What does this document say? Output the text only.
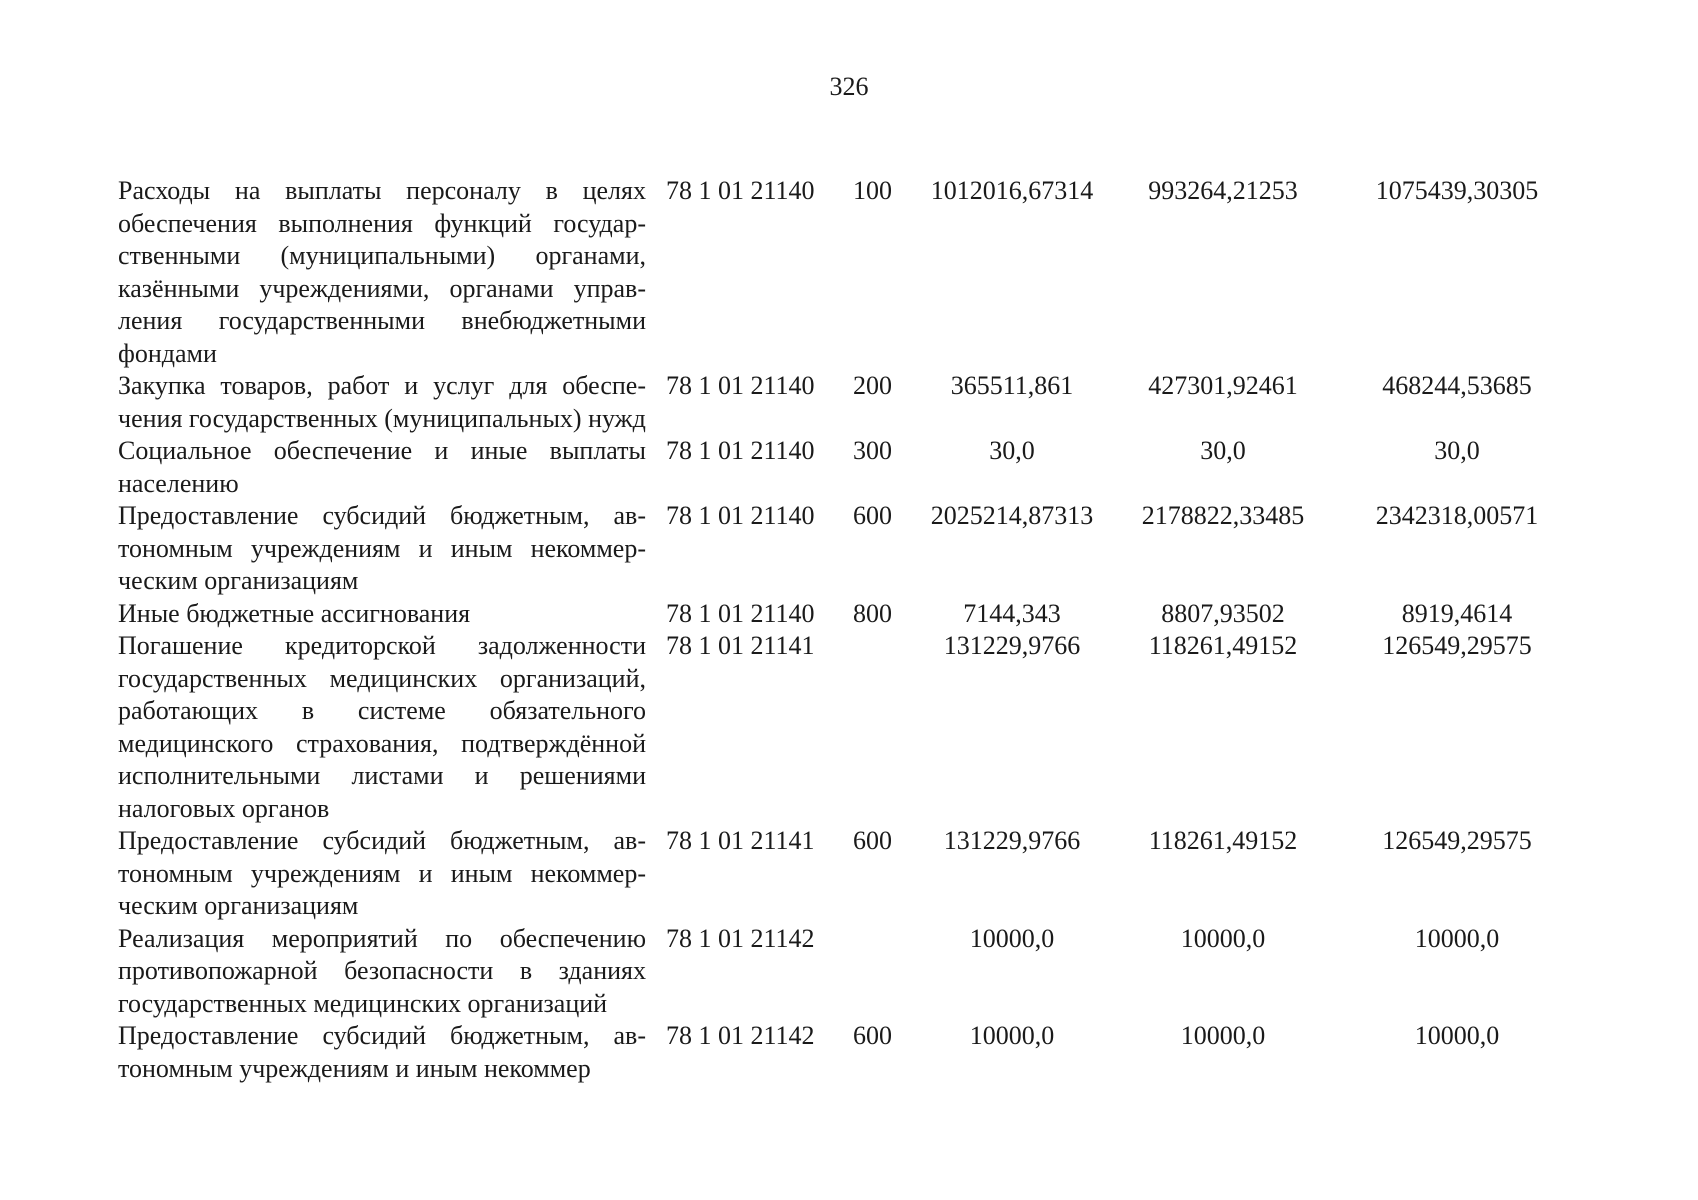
326
Расходы на выплаты персоналу в целях обеспечения выполнения функций государственными (муниципальными) органами, казёнными учреждениями, органами управления государственными внебюджетными фондами	78 1 01 21140	100	1012016,67314	993264,21253	1075439,30305
Закупка товаров, работ и услуг для обеспечения государственных (муниципальных) нужд	78 1 01 21140	200	365511,861	427301,92461	468244,53685
Социальное обеспечение и иные выплаты населению	78 1 01 21140	300	30,0	30,0	30,0
Предоставление субсидий бюджетным, автономным учреждениям и иным некоммерческим организациям	78 1 01 21140	600	2025214,87313	2178822,33485	2342318,00571
Иные бюджетные ассигнования	78 1 01 21140	800	7144,343	8807,93502	8919,4614
Погашение кредиторской задолженности государственных медицинских организаций, работающих в системе обязательного медицинского страхования, подтверждённой исполнительными листами и решениями налоговых органов	78 1 01 21141		131229,9766	118261,49152	126549,29575
Предоставление субсидий бюджетным, автономным учреждениям и иным некоммерческим организациям	78 1 01 21141	600	131229,9766	118261,49152	126549,29575
Реализация мероприятий по обеспечению противопожарной безопасности в зданиях государственных медицинских организаций	78 1 01 21142		10000,0	10000,0	10000,0
Предоставление субсидий бюджетным, автономным учреждениям и иным некоммер	78 1 01 21142	600	10000,0	10000,0	10000,0
